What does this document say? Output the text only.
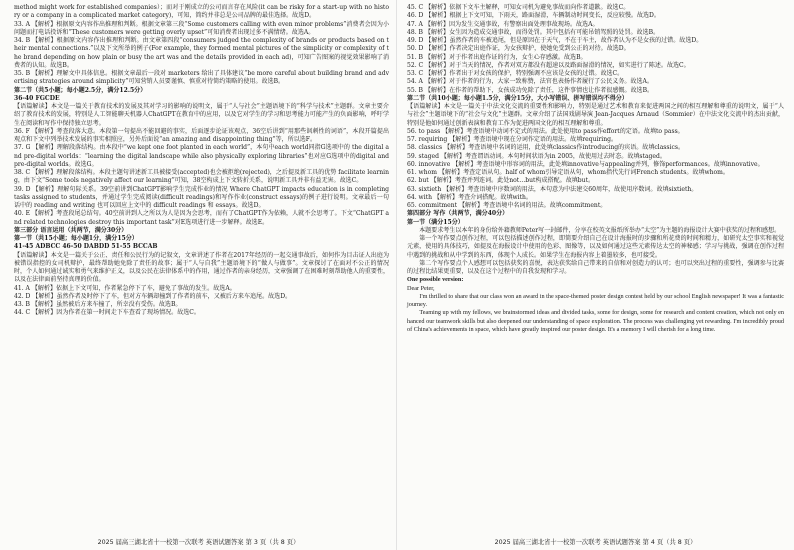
method might work for established companies）；而对于刚成立的公司而言存在风险(it can be risky for a start-up with no history or a company in a complicated market category)，可知，简约并非总是公司品牌的最佳选择。故选D。

33. A 【解析】根据原文内容作出推理和判断。根据文章第三段“Some customers calling with even minor problems”消费者会因为小问题而打电话投诉和“These customers were getting overly upset”可知消费者出现过多不满情绪。故选A。

34. B 【解析】根据原文内容作出推理和判断。由文章第四段“consumers judged the complexity of brands or products based on their mental connections.”以及下文所举的例子(For example, they formed mental pictures of the simplicity or complexity of the brand depending on how plain or busy the art was and the details provided in each ad)，可知广告图案的视觉效果影响了消费者的认知。故选B。

35. B 【解析】理解文中具体信息。根据文章最后一段对 marketers 给出了具体建议“be more careful about building brand and advertising strategies around simplicity”可知营销人员要谨慎、慎重对待简约策略的使用。故选B。

第二节（共5小题；每小题2.5分，满分12.5分）

36-40 FGCDE

【语篇解读】本文是一篇关于教育技术的发展及其对学习的影响的说明文，属于“人与社会”主题语境下的“科学与技术”主题群。文章主要介绍了教育技术的发展，特别是人工智能聊天机器人ChatGPT在教育中的应用，以及它对学生的学习和思考能力可能产生的负面影响，呼吁学生在阅读和写作中保持独立思考。

36. F 【解析】考查段落大意。本段第一句提出不能回避的事实，后面逐步论证该观点，36空后讲到“用那些讽刺性的词语”，本段开篇提出观点和下文中列举技术发展的事实相照应，另外后面说“an amazing and disappointing thing”等，所以选F。

37. G 【解析】理解段落结构。由本段中“we kept one foot planted in each world”，本句中each world同指G选项中的 the digital and pre-digital worlds：“learning the digital landscape while also physically exploring libraries”也对应G选项中的digital and pre-digital worlds。故选G。

38. C 【解析】理解段落结构。本段主题句讲述新工具被接受(accepted)也会被拒绝(rejected)，之后提及新工具的优势 facilitate learning，由下文“Some tools negatively affect our learning”可知，38空构成上下文转折关系，说明新工具并非有益无害。故选C。

39. D 【解析】理解句际关系。39空前讲到ChatGPT影响学生完成作业的情况 Where ChatGPT impacts education is in completing tasks assigned to students，并通过学生完成阅读(difficult readings)和写作作业(construct essays)的例子进行说明。文章最后一句话中的 reading and writing 也可以回应上文中的 difficult readings 和 essays。故选D。

40. E 【解析】考查段尾总结句。40空前讲到人之所以为人是因为会思考，而有了ChatGPT作为依赖，人就不会思考了。下文“ChatGPT and related technologies destroy this important task”对E选项进行进一步解释。故选E。

第三部分 语言运用（共两节，满分30分）

第一节（共15小题；每小题1分，满分15分）

41-45 ADBCC 46-50 DABDD 51-55 BCCAB

【语篇解读】本文是一篇关于公正、责任和公民行为的记叙文，文章讲述了作者在2017年经历的一起交通事故后，如何作为目击证人出庭为被错误指控的女司机辩护，最终帮助她免除了责任的故事；属于“人与自我”主题语境下的“做人与做事”。文章探讨了在面对不公正的情况时，个人如何通过诚实和勇气来维护正义，以及公民在法律体系中的作用，通过作者的亲身经历，文章强调了在困难时刻帮助他人的重要性，以及在法律面前坚持真理的价值。

41. A 【解析】依据上下文可知，作者紧急停下了车，避免了事故的发生。故选A。

42. D 【解析】虽然作者及时停下了车，但对方车辆却撞到了作者的前车，又被后方来车追尾。故选D。

43. B 【解析】虽然被后方来车撞了，所幸没有受伤。故选B。

44. C 【解析】因为作者在第一时间走下车查看了现场情况。故选C。

2025 届高三湖北省十一校第一次联考 英语试题答案 第 3 页（共 8 页）

45. C 【解析】依据下文车主解释，可知女司机为避免事故而向作者道歉。故选C。

46. D 【解析】根据上下文可知，下雨天，路面湿滑，车辆制动时间变长，反应较慢。故选D。

47. A 【解析】因为发生交通事故，有警察出面处理事故现场。故选A。

48. B 【解析】女生因为造成交通事故，而得处罚。其中包括有可能吊销驾照的处罚。故选B。

49. D 【解析】虽然作者的车被追尾，但是原因在于天气，不在于车主，故作者认为不是女孩的过错。故选D。

50. D 【解析】作者决定出庭作证，为女孩辩护，使她免受到公正的对待。故选D。

51. B 【解析】对于作者出庭作证的行为，女生心存感激。故选B。

52. C 【解析】对于当天的情况，作者对双方都没有超速以及路面湿滑的情况，如实进行了陈述。故选C。

53. C 【解析】作者出于对女孩的保护，特别强调不应该是女孩的过错。故选C。

54. A 【解析】对于作者的行为，大家一致称赞，法官也表扬作者履行了公民义务。故选A。

55. B 【解析】在作者的帮助下，女孩成功免除了责任，这件事情也让作者很感慨。故选B。

第二节（共10小题；每小题1.5分，满分15分，大小写错误、拼写错误均不得分）

【语篇解读】本文是一篇关于中法文化交流的重要性和影响力，特别是通过艺术和教育来促进两国之间的相互理解和尊重的说明文，属于“人与社会”主题语境下的“社会与文化”主题群。文章介绍了法国戏剧导演 Jean-Jacques Arnaud（Sommier）在中法文化交流中的杰出贡献，特别是他如何通过创新表演和教育工作为促进两国文化的相互理解和尊重。

56. to pass 【解析】考查语境中动词不定式的用法。此处使用to pass作effort的定语。故填to pass。

57. requiring 【解析】考查语境中现在分词作定语的用法。故填requiring。

58. classics 【解析】考查语境中名词的运用，此处填classics作introducing的宾语。故填classics。

59. staged 【解析】考查谓语动词。本句时间状语为in 2005，故使用过去时态。故填staged。

60. innovative 【解析】考查语境中形容词的用法，此处填innovative与appealing并列，修饰performances。故填innovative。

61. whom 【解析】考查定语从句。half of whom引导定语从句，whom指代先行词French students。故填whom。

62. but 【解析】考查并列连词。此处not…but构成搭配。故填but。

63. sixtieth 【解析】考查语境中序数词的用法，本句意为中法建交60周年，故使用序数词。故填sixtieth。

64. with 【解析】考查介词搭配。故填with。

65. commitment 【解析】考查语境中名词的用法。故填commitment。

第四部分 写作（共两节，满分40分）

第一节（满分15分）

本题要求考生以本年的身份给外籍教师Peter写一封邮件，分享在校英文报纸所举办“太空”为主题的海报设计大赛中获奖的过程和感想。

第一个写作要点创作过程，可以包括描述创作过程，即简要介绍自己在设计海报时的步骤和所花费的时间和精力，如研究太空事实和视觉元素，使用的具体技巧，如提及在海报设计中使用的色彩、图像等，以及如何通过这些元素传达太空的神秘感；学习与挑战，强调在创作过程中遇到的挑战和从中学到的东西，体现个人成长。如果学生在海报内容上着墨较多，也可接受。

第二个写作要点个人感想可以包括获奖的喜悦，表达获奖给自己带来的自信和对创造力的认可；也可以突出过程的重要性，强调参与比赛的过程比结果更重要，以及在这个过程中的自我发现和学习。

One possible version:

Dear Peter,

I'm thrilled to share that our class won an award in the space-themed poster design contest held by our school English newspaper! It was a fantastic journey.

Teaming up with my fellows, we brainstormed ideas and divided tasks, some for design, some for research and content creation, which not only enhanced our teamwork skills but also deepened our understanding of space exploration. The process was challenging yet rewarding. I'm incredibly proud of China's achievements in space, which have greatly inspired our poster design. It's a memory I will cherish for a long time.

2025 届高三湖北省十一校第一次联考 英语试题答案 第 4 页（共 8 页）
